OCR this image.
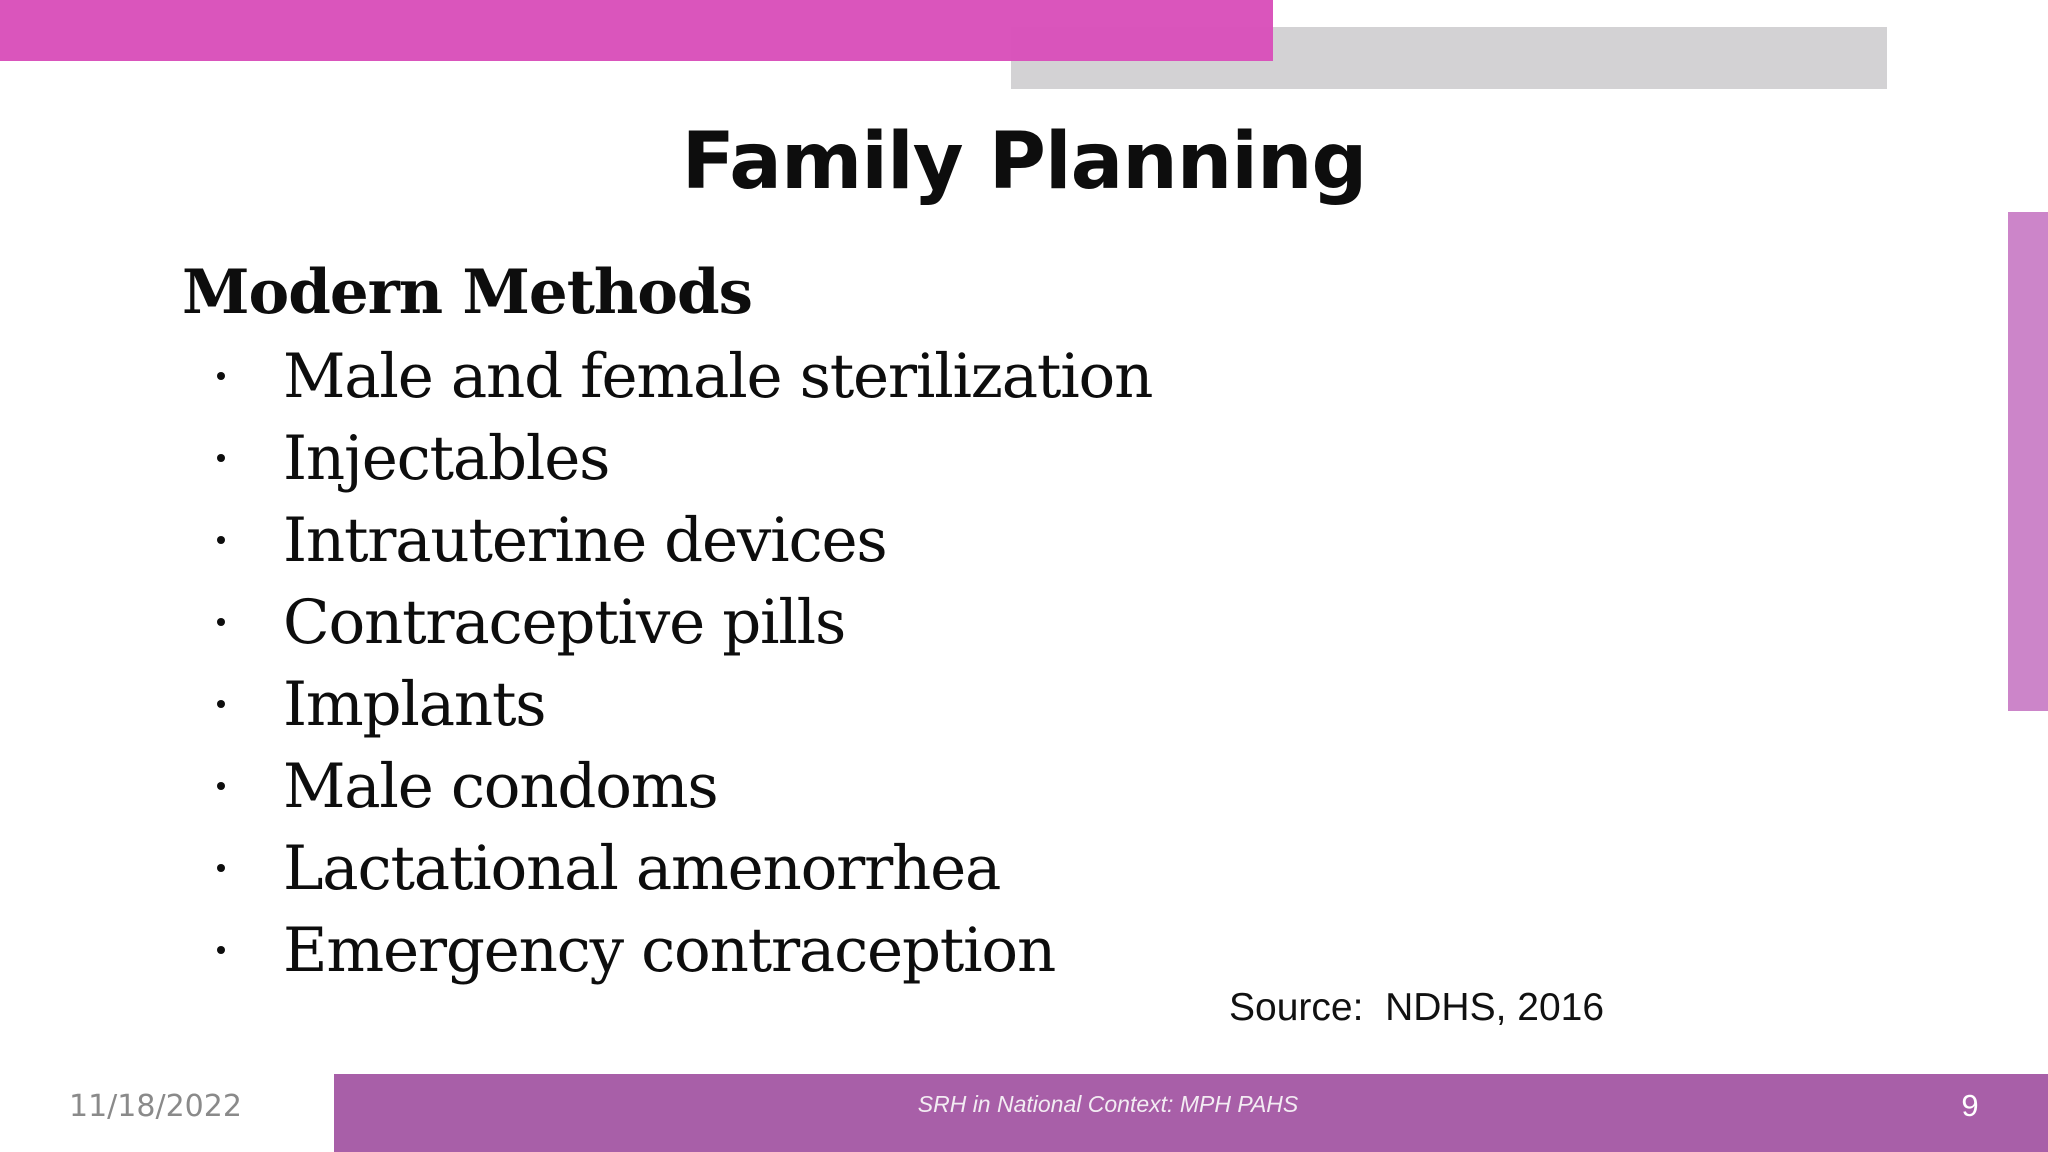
Family Planning
Modern Methods
Male and female sterilization
Injectables
Intrauterine devices
Contraceptive pills
Implants
Male condoms
Lactational amenorrhea
Emergency contraception
Source:  NDHS, 2016
11/18/2022	SRH in National Context: MPH PAHS	9
